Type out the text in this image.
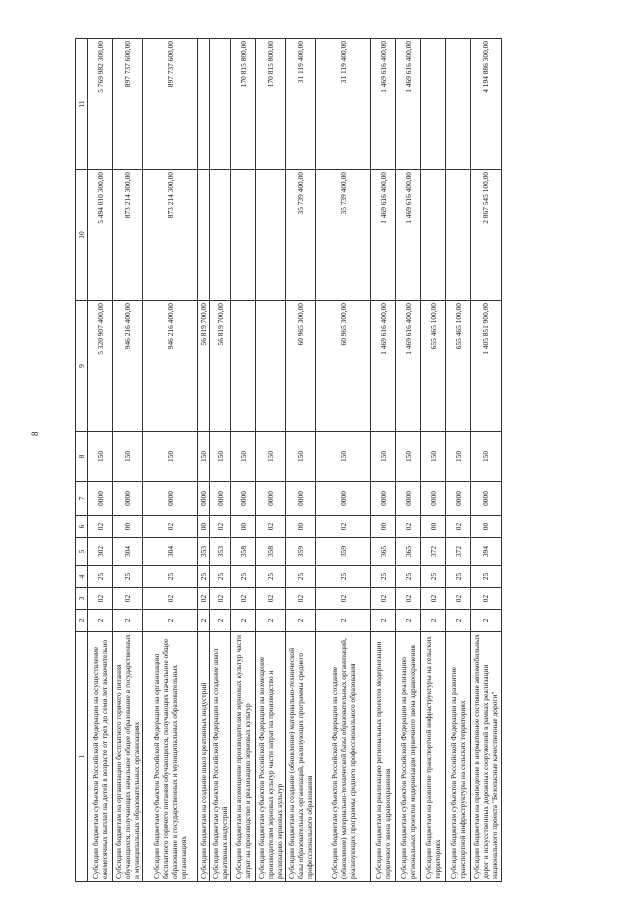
8
1	2	3	4	5	6	7	8	9	10	11
Субсидии бюджетам субъектов Российской Федерации на осуществление ежемесячных выплат на детей в возрасте от трех до семи лет включительно	2	02	25	302	02	0000	150	5 320 907 400,00	5 494 010 300,00	5 769 982 300,00
Субсидии бюджетам на организацию бесплатного горячего питания обучающихся, получающих начальное общее образование в государственных и муниципальных образовательных организациях	2	02	25	304	00	0000	150	946 216 400,00	873 214 300,00	897 737 600,00
Субсидии бюджетам субъектов Российской Федерации на организацию бесплатного горячего питания обучающихся, получающих начальное общее образование в государственных и муниципальных образовательных организациях	2	02	25	304	02	0000	150	946 216 400,00	873 214 300,00	897 737 600,00
Субсидии бюджетам на создание школ креативных индустрий	2	02	25	353	00	0000	150	56 819 700,00		
Субсидии бюджетам субъектов Российской Федерации на создание школ креативных индустрий	2	02	25	353	02	0000	150	56 819 700,00		
Субсидии бюджетам на возмещение производителям зерновых культур части затрат на производство и реализацию зерновых культур	2	02	25	358	00	0000	150			170 815 800,00
Субсидии бюджетам субъектов Российской Федерации на возмещение производителям зерновых культур части затрат на производство и реализацию зерновых культур	2	02	25	358	02	0000	150			170 815 800,00
Субсидии бюджетам на создание (обновление) материально-технической базы образовательных организаций, реализующих программы среднего профессионального образования	2	02	25	359	00	0000	150	60 965 300,00	35 739 400,00	31 119 400,00
Субсидии бюджетам субъектов Российской Федерации на создание (обновление) материально-технической базы образовательных организаций, реализующих программы среднего профессионального образования	2	02	25	359	02	0000	150	60 965 300,00	35 739 400,00	31 119 400,00
Субсидии бюджетам на реализацию региональных проектов модернизации первичного звена здравоохранения	2	02	25	365	00	0000	150	1 469 616 400,00	1 469 616 400,00	1 469 616 400,00
Субсидии бюджетам субъектов Российской Федерации на реализацию региональных проектов модернизации первичного звена здравоохранения	2	02	25	365	02	0000	150	1 469 616 400,00	1 469 616 400,00	1 469 616 400,00
Субсидии бюджетам на развитие транспортной инфраструктуры на сельских территориях	2	02	25	372	00	0000	150	655 465 100,00		
Субсидии бюджетам субъектов Российской Федерации на развитие транспортной инфраструктуры на сельских территориях	2	02	25	372	02	0000	150	655 465 100,00		
Субсидии бюджетам на приведение в нормативное состояние автомобильных дорог и искусственных дорожных сооружений в рамках реализации национального проекта "Безопасные качественные дороги"	2	02	25	394	00	0000	150	1 405 851 900,00	2 867 545 100,00	4 194 886 300,00
